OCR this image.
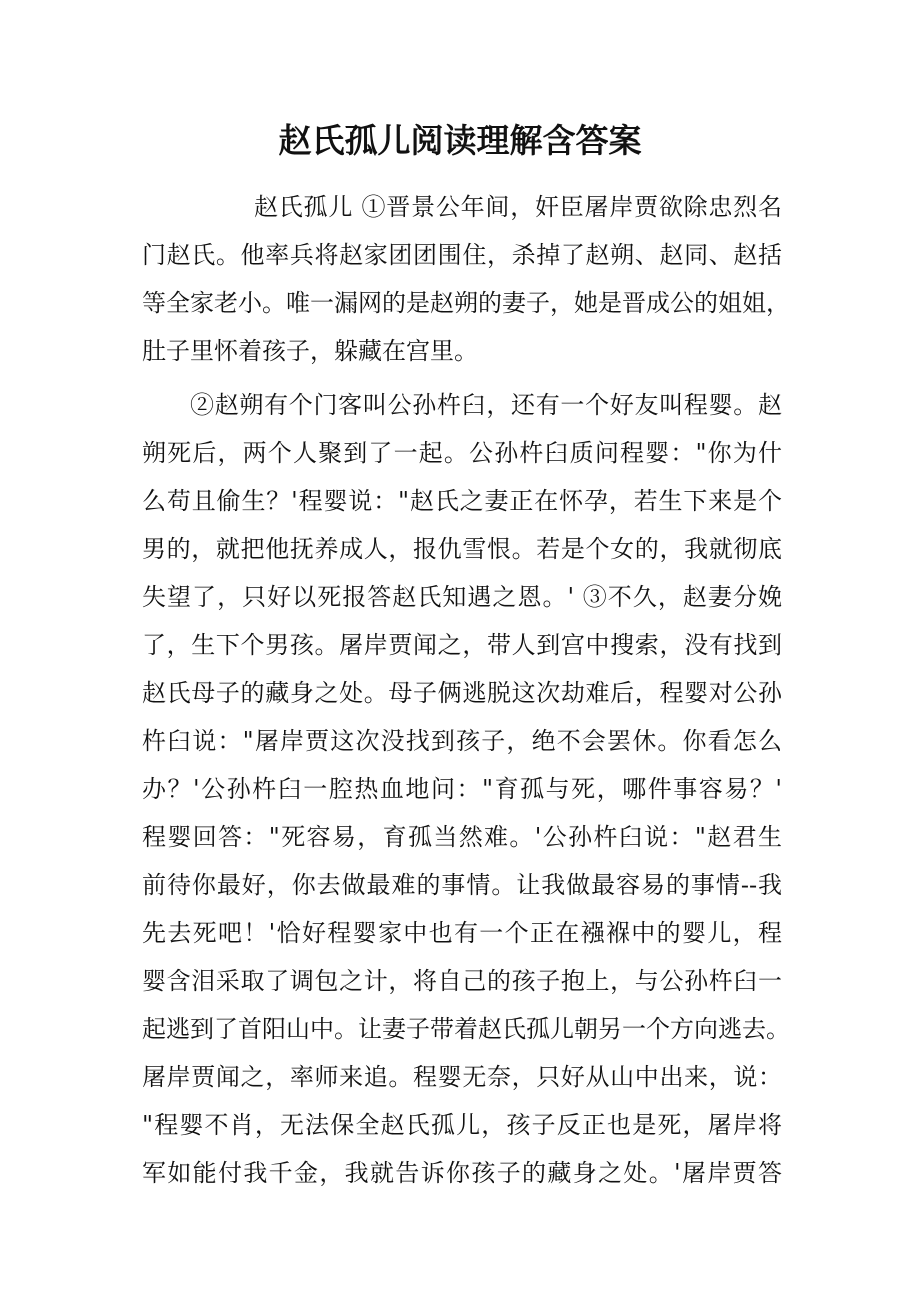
赵氏孤儿阅读理解含答案
赵氏孤儿 ①晋景公年间，奸臣屠岸贾欲除忠烈名
门赵氏。他率兵将赵家团团围住，杀掉了赵朔、赵同、赵括
等全家老小。唯一漏网的是赵朔的妻子，她是晋成公的姐姐，
肚子里怀着孩子，躲藏在宫里。
②赵朔有个门客叫公孙杵臼，还有一个好友叫程婴。赵
朔死后，两个人聚到了一起。公孙杵臼质问程婴："你为什
么苟且偷生？'程婴说："赵氏之妻正在怀孕，若生下来是个
男的，就把他抚养成人，报仇雪恨。若是个女的，我就彻底
失望了，只好以死报答赵氏知遇之恩。' ③不久，赵妻分娩
了，生下个男孩。屠岸贾闻之，带人到宫中搜索，没有找到
赵氏母子的藏身之处。母子俩逃脱这次劫难后，程婴对公孙
杵臼说："屠岸贾这次没找到孩子，绝不会罢休。你看怎么
办？'公孙杵臼一腔热血地问："育孤与死，哪件事容易？'
程婴回答："死容易，育孤当然难。'公孙杵臼说："赵君生
前待你最好，你去做最难的事情。让我做最容易的事情--我
先去死吧！'恰好程婴家中也有一个正在襁褓中的婴儿，程
婴含泪采取了调包之计，将自己的孩子抱上，与公孙杵臼一
起逃到了首阳山中。让妻子带着赵氏孤儿朝另一个方向逃去。
屠岸贾闻之，率师来追。程婴无奈，只好从山中出来，说：
"程婴不肖，无法保全赵氏孤儿，孩子反正也是死，屠岸将
军如能付我千金，我就告诉你孩子的藏身之处。'屠岸贾答
